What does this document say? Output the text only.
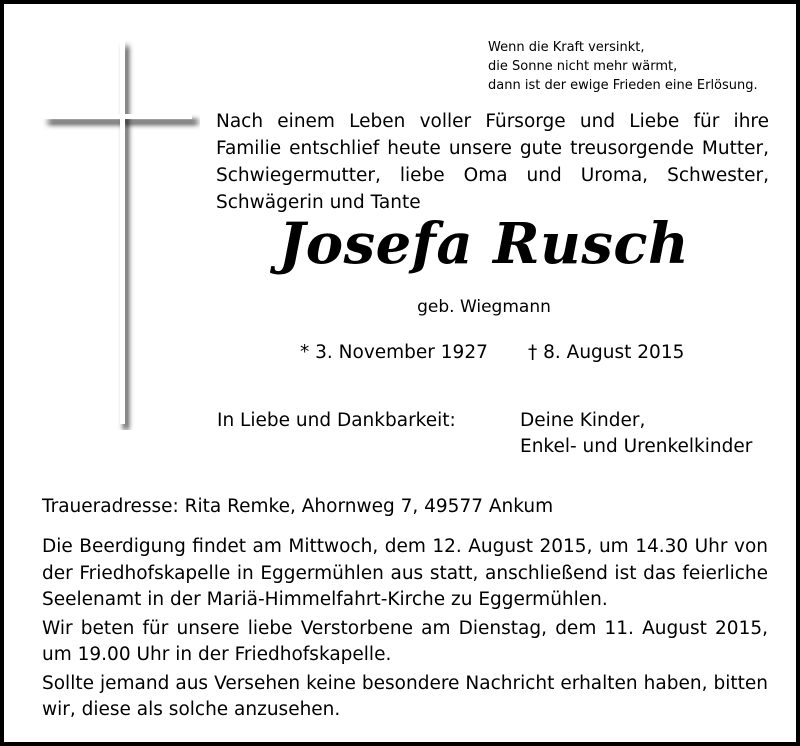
Wenn die Kraft versinkt,
die Sonne nicht mehr wärmt,
dann ist der ewige Frieden eine Erlösung.
Nach einem Leben voller Fürsorge und Liebe für ihre Familie entschlief heute unsere gute treusorgende Mutter, Schwiegermutter, liebe Oma und Uroma, Schwester, Schwägerin und Tante
Josefa Rusch
geb. Wiegmann
* 3. November 1927 † 8. August 2015
In Liebe und Dankbarkeit:	Deine Kinder,
Enkel- und Urenkelkinder
Traueradresse: Rita Remke, Ahornweg 7, 49577 Ankum

Die Beerdigung findet am Mittwoch, dem 12. August 2015, um 14.30 Uhr von der Friedhofskapelle in Eggermühlen aus statt, anschließend ist das feierliche Seelenamt in der Mariä-Himmelfahrt-Kirche zu Eggermühlen.

Wir beten für unsere liebe Verstorbene am Dienstag, dem 11. August 2015, um 19.00 Uhr in der Friedhofskapelle.

Sollte jemand aus Versehen keine besondere Nachricht erhalten haben, bitten wir, diese als solche anzusehen.
